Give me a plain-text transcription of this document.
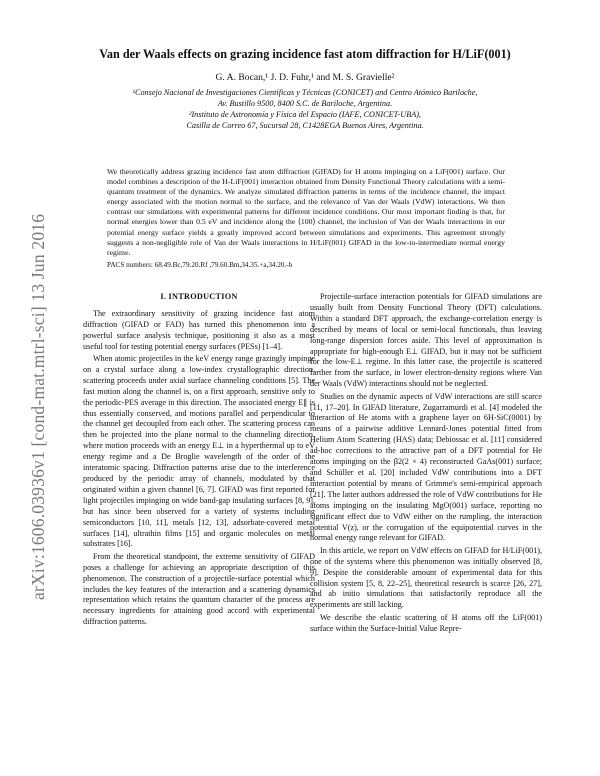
arXiv:1606.03936v1 [cond-mat.mtrl-sci] 13 Jun 2016
Van der Waals effects on grazing incidence fast atom diffraction for H/LiF(001)
G. A. Bocan,¹ J. D. Fuhr,¹ and M. S. Gravielle²
¹Consejo Nacional de Investigaciones Científicas y Técnicas (CONICET) and Centro Atómico Bariloche,
Av. Bustillo 9500, 8400 S.C. de Bariloche, Argentina.
²Instituto de Astronomía y Física del Espacio (IAFE, CONICET-UBA),
Casilla de Correo 67, Sucursal 28, C1428EGA Buenos Aires, Argentina.
We theoretically address grazing incidence fast atom diffraction (GIFAD) for H atoms impinging on a LiF(001) surface. Our model combines a description of the H-LiF(001) interaction obtained from Density Functional Theory calculations with a semi-quantum treatment of the dynamics. We analyze simulated diffraction patterns in terms of the incidence channel, the impact energy associated with the motion normal to the surface, and the relevance of Van der Waals (VdW) interactions. We then contrast our simulations with experimental patterns for different incidence conditions. Our most important finding is that, for normal energies lower than 0.5 eV and incidence along the ⟨100⟩ channel, the inclusion of Van der Waals interactions in our potential energy surface yields a greatly improved accord between simulations and experiments. This agreement strongly suggests a non-negligible role of Van der Waals interactions in H/LiF(001) GIFAD in the low-to-intermediate normal energy regime.
PACS numbers: 68.49.Bc,79.20.Rf ,79.60.Bm,34.35.+a,34.20.-b
I. INTRODUCTION

The extraordinary sensitivity of grazing incidence fast atom diffraction (GIFAD or FAD) has turned this phenomenon into a powerful surface analysis technique, positioning it also as a most useful tool for testing potential energy surfaces (PESs) [1–4].

When atomic projectiles in the keV energy range grazingly impinge on a crystal surface along a low-index crystallographic direction, scattering proceeds under axial surface channeling conditions [5]. The fast motion along the channel is, on a first approach, sensitive only to the periodic-PES average in this direction. The associated energy E∥ is thus essentially conserved, and motions parallel and perpendicular to the channel get decoupled from each other. The scattering process can then be projected into the plane normal to the channeling direction, where motion proceeds with an energy E⊥ in a hyperthermal up to eV energy regime and a De Broglie wavelength of the order of the interatomic spacing. Diffraction patterns arise due to the interference produced by the periodic array of channels, modulated by that originated within a given channel [6, 7]. GIFAD was first reported for light projectiles impinging on wide band-gap insulating surfaces [8, 9], but has since been observed for a variety of systems including semiconductors [10, 11], metals [12, 13], adsorbate-covered metal surfaces [14], ultrathin films [15] and organic molecules on metal substrates [16].

From the theoretical standpoint, the extreme sensitivity of GIFAD poses a challenge for achieving an appropriate description of this phenomenon. The construction of a projectile-surface potential which includes the key features of the interaction and a scattering dynamics representation which retains the quantum character of the process are necessary ingredients for attaining good accord with experimental diffraction patterns.

Projectile-surface interaction potentials for GIFAD simulations are usually built from Density Functional Theory (DFT) calculations. Within a standard DFT approach, the exchange-correlation energy is described by means of local or semi-local functionals, thus leaving long-range dispersion forces aside. This level of approximation is appropriate for high-enough E⊥ GIFAD, but it may not be sufficient for the low-E⊥ regime. In this latter case, the projectile is scattered farther from the surface, in lower electron-density regions where Van der Waals (VdW) interactions should not be neglected.

Studies on the dynamic aspects of VdW interactions are still scarce [11, 17–20]. In GIFAD literature, Zugarramurdi et al. [4] modeled the interaction of He atoms with a graphene layer on 6H-SiC(0001) by means of a pairwise additive Lennard-Jones potential fitted from Helium Atom Scattering (HAS) data; Debiossac et al. [11] considered ad-hoc corrections to the attractive part of a DFT potential for He atoms impinging on the β2(2 × 4) reconstructed GaAs(001) surface; and Schüller et al. [20] included VdW contributions into a DFT interaction potential by means of Grimme's semi-empirical approach [21]. The latter authors addressed the role of VdW contributions for He atoms impinging on the insulating MgO(001) surface, reporting no significant effect due to VdW either on the rumpling, the interaction potential V(z), or the corrugation of the equipotential curves in the normal energy range relevant for GIFAD.

In this article, we report on VdW effects on GIFAD for H/LiF(001), one of the systems where this phenomenon was initially observed [8, 9]. Despite the considerable amount of experimental data for this collision system [5, 8, 22–25], theoretical research is scarce [26, 27], and ab initio simulations that satisfactorily reproduce all the experiments are still lacking.

We describe the elastic scattering of H atoms off the LiF(001) surface within the Surface-Initial Value Repre-
